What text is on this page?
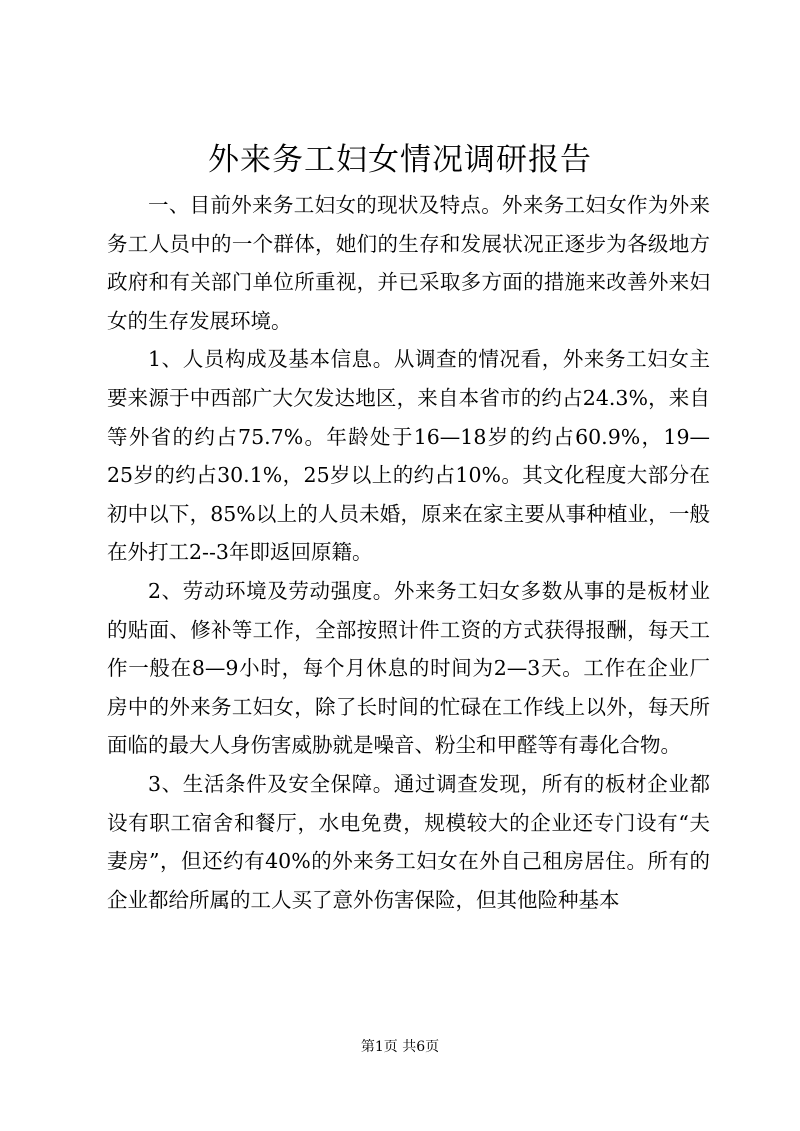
外来务工妇女情况调研报告

一、目前外来务工妇女的现状及特点。外来务工妇女作为外来务工人员中的一个群体，她们的生存和发展状况正逐步为各级地方政府和有关部门单位所重视，并已采取多方面的措施来改善外来妇女的生存发展环境。

1、人员构成及基本信息。从调查的情况看，外来务工妇女主要来源于中西部广大欠发达地区，来自本省市的约占24.3%，来自等外省的约占75.7%。年龄处于16—18岁的约占60.9%，19—25岁的约占30.1%，25岁以上的约占10%。其文化程度大部分在初中以下，85%以上的人员未婚，原来在家主要从事种植业，一般在外打工2--3年即返回原籍。

2、劳动环境及劳动强度。外来务工妇女多数从事的是板材业的贴面、修补等工作，全部按照计件工资的方式获得报酬，每天工作一般在8—9小时，每个月休息的时间为2—3天。工作在企业厂房中的外来务工妇女，除了长时间的忙碌在工作线上以外，每天所面临的最大人身伤害威胁就是噪音、粉尘和甲醛等有毒化合物。

3、生活条件及安全保障。通过调查发现，所有的板材企业都设有职工宿舍和餐厅，水电免费，规模较大的企业还专门设有“夫妻房”，但还约有40%的外来务工妇女在外自己租房居住。所有的企业都给所属的工人买了意外伤害保险，但其他险种基本

第1页 共6页
